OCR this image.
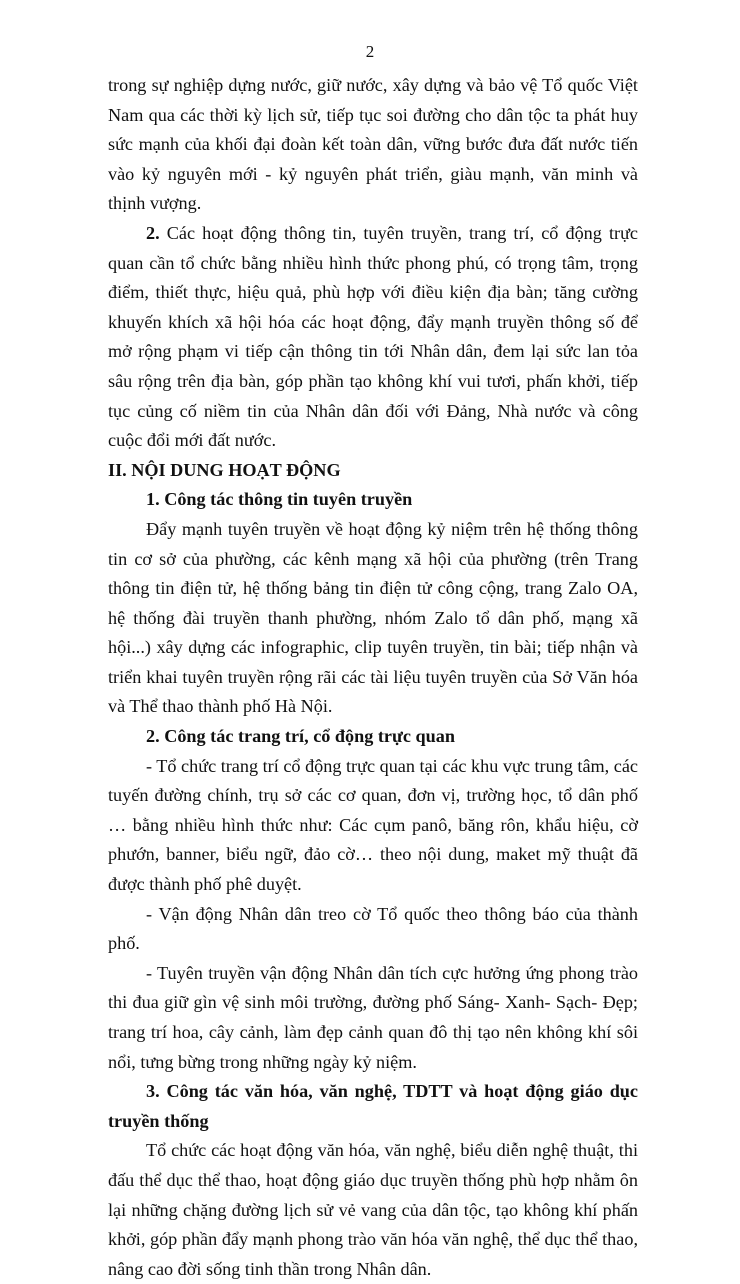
2

trong sự nghiệp dựng nước, giữ nước, xây dựng và bảo vệ Tổ quốc Việt Nam qua các thời kỳ lịch sử, tiếp tục soi đường cho dân tộc ta phát huy sức mạnh của khối đại đoàn kết toàn dân, vững bước đưa đất nước tiến vào kỷ nguyên mới - kỷ nguyên phát triển, giàu mạnh, văn minh và thịnh vượng.

2. Các hoạt động thông tin, tuyên truyền, trang trí, cổ động trực quan cần tổ chức bằng nhiều hình thức phong phú, có trọng tâm, trọng điểm, thiết thực, hiệu quả, phù hợp với điều kiện địa bàn; tăng cường khuyến khích xã hội hóa các hoạt động, đẩy mạnh truyền thông số để mở rộng phạm vi tiếp cận thông tin tới Nhân dân, đem lại sức lan tỏa sâu rộng trên địa bàn, góp phần tạo không khí vui tươi, phấn khởi, tiếp tục củng cố niềm tin của Nhân dân đối với Đảng, Nhà nước và công cuộc đổi mới đất nước.

II. NỘI DUNG HOẠT ĐỘNG

1. Công tác thông tin tuyên truyền

Đẩy mạnh tuyên truyền về hoạt động kỷ niệm trên hệ thống thông tin cơ sở của phường, các kênh mạng xã hội của phường (trên Trang thông tin điện tử, hệ thống bảng tin điện tử công cộng, trang Zalo OA, hệ thống đài truyền thanh phường, nhóm Zalo tổ dân phố, mạng xã hội...) xây dựng các infographic, clip tuyên truyền, tin bài; tiếp nhận và triển khai tuyên truyền rộng rãi các tài liệu tuyên truyền của Sở Văn hóa và Thể thao thành phố Hà Nội.

2. Công tác trang trí, cổ động trực quan

- Tổ chức trang trí cổ động trực quan tại các khu vực trung tâm, các tuyến đường chính, trụ sở các cơ quan, đơn vị, trường học, tổ dân phố … bằng nhiều hình thức như: Các cụm panô, băng rôn, khẩu hiệu, cờ phướn, banner, biểu ngữ, đảo cờ… theo nội dung, maket mỹ thuật đã được thành phố phê duyệt.

- Vận động Nhân dân treo cờ Tổ quốc theo thông báo của thành phố.

- Tuyên truyền vận động Nhân dân tích cực hưởng ứng phong trào thi đua giữ gìn vệ sinh môi trường, đường phố Sáng- Xanh- Sạch- Đẹp; trang trí hoa, cây cảnh, làm đẹp cảnh quan đô thị tạo nên không khí sôi nổi, tưng bừng trong những ngày kỷ niệm.

3. Công tác văn hóa, văn nghệ, TDTT và hoạt động giáo dục truyền thống

Tổ chức các hoạt động văn hóa, văn nghệ, biểu diễn nghệ thuật, thi đấu thể dục thể thao, hoạt động giáo dục truyền thống phù hợp nhằm ôn lại những chặng đường lịch sử vẻ vang của dân tộc, tạo không khí phấn khởi, góp phần đẩy mạnh phong trào văn hóa văn nghệ, thể dục thể thao, nâng cao đời sống tinh thần trong Nhân dân.
